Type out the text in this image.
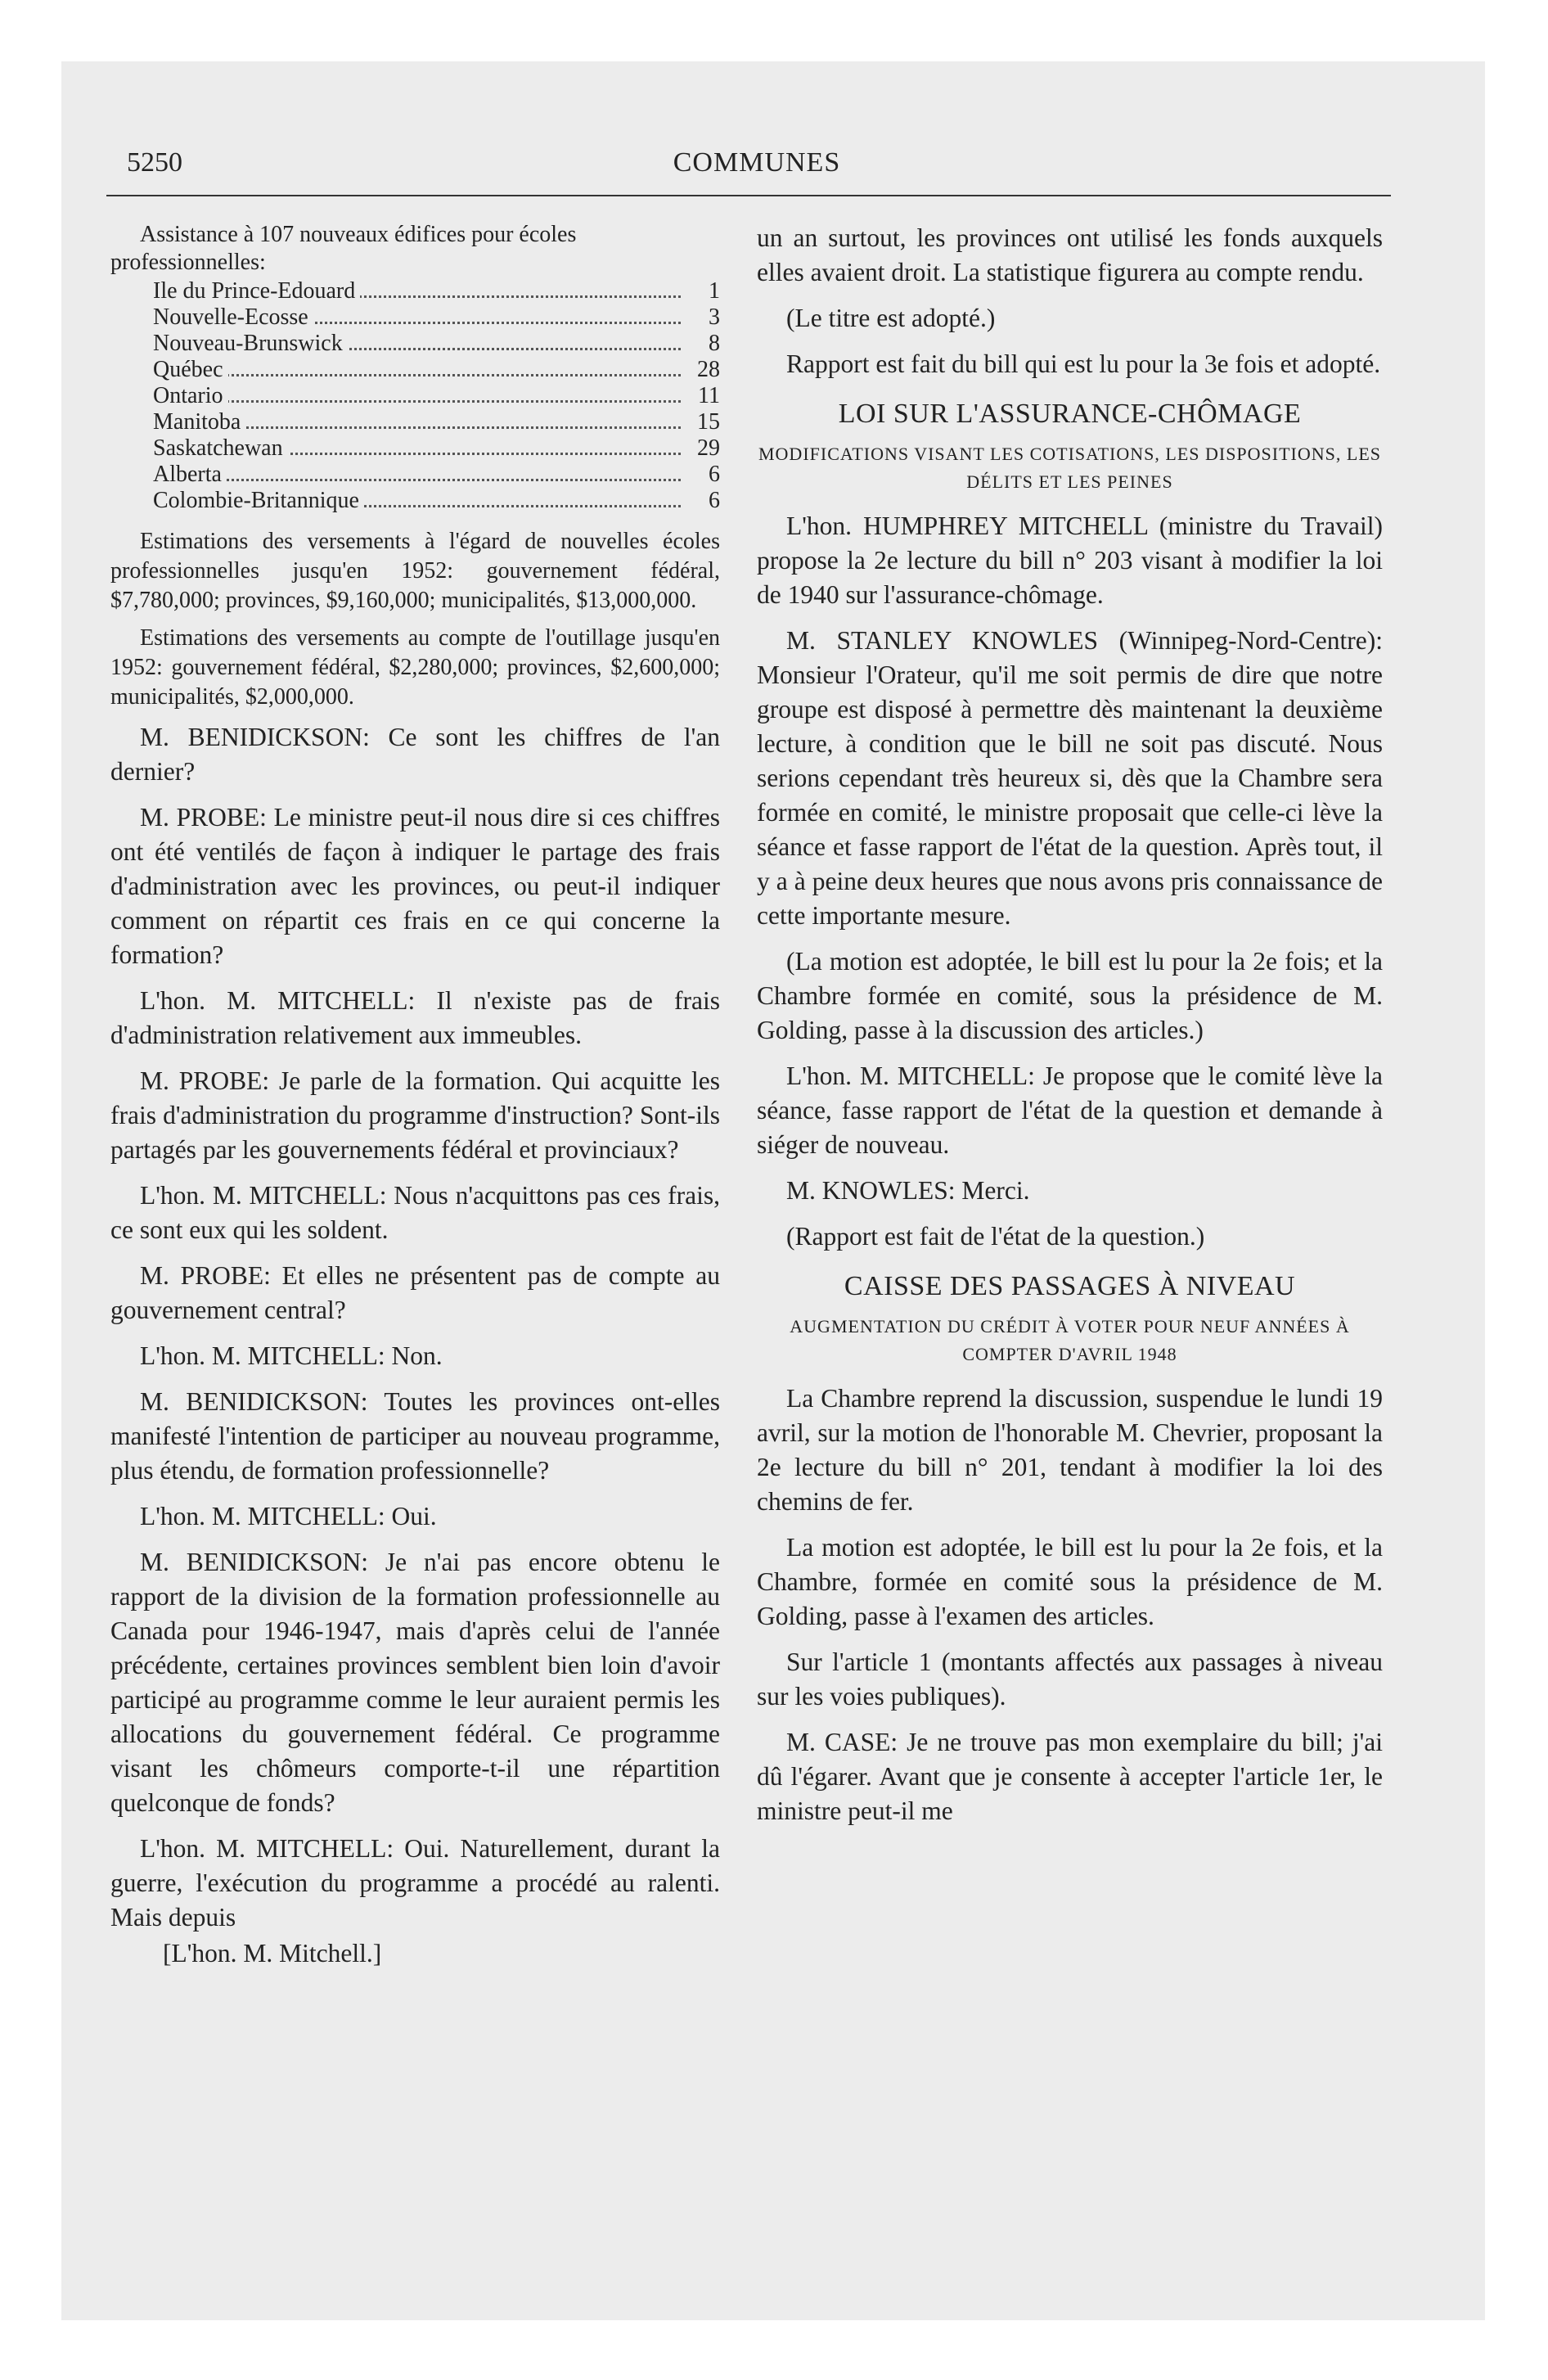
5250	COMMUNES

Assistance à 107 nouveaux édifices pour écoles professionnelles:

Ile du Prince-Edouard	1
Nouvelle-Ecosse	3
Nouveau-Brunswick	8
Québec	28
Ontario	11
Manitoba	15
Saskatchewan	29
Alberta	6
Colombie-Britannique	6

Estimations des versements à l'égard de nouvelles écoles professionnelles jusqu'en 1952: gouvernement fédéral, $7,780,000; provinces, $9,160,000; municipalités, $13,000,000.

Estimations des versements au compte de l'outillage jusqu'en 1952: gouvernement fédéral, $2,280,000; provinces, $2,600,000; municipalités, $2,000,000.

M. BENIDICKSON: Ce sont les chiffres de l'an dernier?

M. PROBE: Le ministre peut-il nous dire si ces chiffres ont été ventilés de façon à indiquer le partage des frais d'administration avec les provinces, ou peut-il indiquer comment on répartit ces frais en ce qui concerne la formation?

L'hon. M. MITCHELL: Il n'existe pas de frais d'administration relativement aux immeubles.

M. PROBE: Je parle de la formation. Qui acquitte les frais d'administration du programme d'instruction? Sont-ils partagés par les gouvernements fédéral et provinciaux?

L'hon. M. MITCHELL: Nous n'acquittons pas ces frais, ce sont eux qui les soldent.

M. PROBE: Et elles ne présentent pas de compte au gouvernement central?

L'hon. M. MITCHELL: Non.

M. BENIDICKSON: Toutes les provinces ont-elles manifesté l'intention de participer au nouveau programme, plus étendu, de formation professionnelle?

L'hon. M. MITCHELL: Oui.

M. BENIDICKSON: Je n'ai pas encore obtenu le rapport de la division de la formation professionnelle au Canada pour 1946-1947, mais d'après celui de l'année précédente, certaines provinces semblent bien loin d'avoir participé au programme comme le leur auraient permis les allocations du gouvernement fédéral. Ce programme visant les chômeurs comporte-t-il une répartition quelconque de fonds?

L'hon. M. MITCHELL: Oui. Naturellement, durant la guerre, l'exécution du programme a procédé au ralenti. Mais depuis

[L'hon. M. Mitchell.]

un an surtout, les provinces ont utilisé les fonds auxquels elles avaient droit. La statistique figurera au compte rendu.

(Le titre est adopté.)

Rapport est fait du bill qui est lu pour la 3e fois et adopté.

LOI SUR L'ASSURANCE-CHÔMAGE
MODIFICATIONS VISANT LES COTISATIONS, LES DISPOSITIONS, LES DÉLITS ET LES PEINES

L'hon. HUMPHREY MITCHELL (ministre du Travail) propose la 2e lecture du bill n° 203 visant à modifier la loi de 1940 sur l'assurance-chômage.

M. STANLEY KNOWLES (Winnipeg-Nord-Centre): Monsieur l'Orateur, qu'il me soit permis de dire que notre groupe est disposé à permettre dès maintenant la deuxième lecture, à condition que le bill ne soit pas discuté. Nous serions cependant très heureux si, dès que la Chambre sera formée en comité, le ministre proposait que celle-ci lève la séance et fasse rapport de l'état de la question. Après tout, il y a à peine deux heures que nous avons pris connaissance de cette importante mesure.

(La motion est adoptée, le bill est lu pour la 2e fois; et la Chambre formée en comité, sous la présidence de M. Golding, passe à la discussion des articles.)

L'hon. M. MITCHELL: Je propose que le comité lève la séance, fasse rapport de l'état de la question et demande à siéger de nouveau.

M. KNOWLES: Merci.

(Rapport est fait de l'état de la question.)

CAISSE DES PASSAGES À NIVEAU
AUGMENTATION DU CRÉDIT À VOTER POUR NEUF ANNÉES À COMPTER D'AVRIL 1948

La Chambre reprend la discussion, suspendue le lundi 19 avril, sur la motion de l'honorable M. Chevrier, proposant la 2e lecture du bill n° 201, tendant à modifier la loi des chemins de fer.

La motion est adoptée, le bill est lu pour la 2e fois, et la Chambre, formée en comité sous la présidence de M. Golding, passe à l'examen des articles.

Sur l'article 1 (montants affectés aux passages à niveau sur les voies publiques).

M. CASE: Je ne trouve pas mon exemplaire du bill; j'ai dû l'égarer. Avant que je consente à accepter l'article 1er, le ministre peut-il me
